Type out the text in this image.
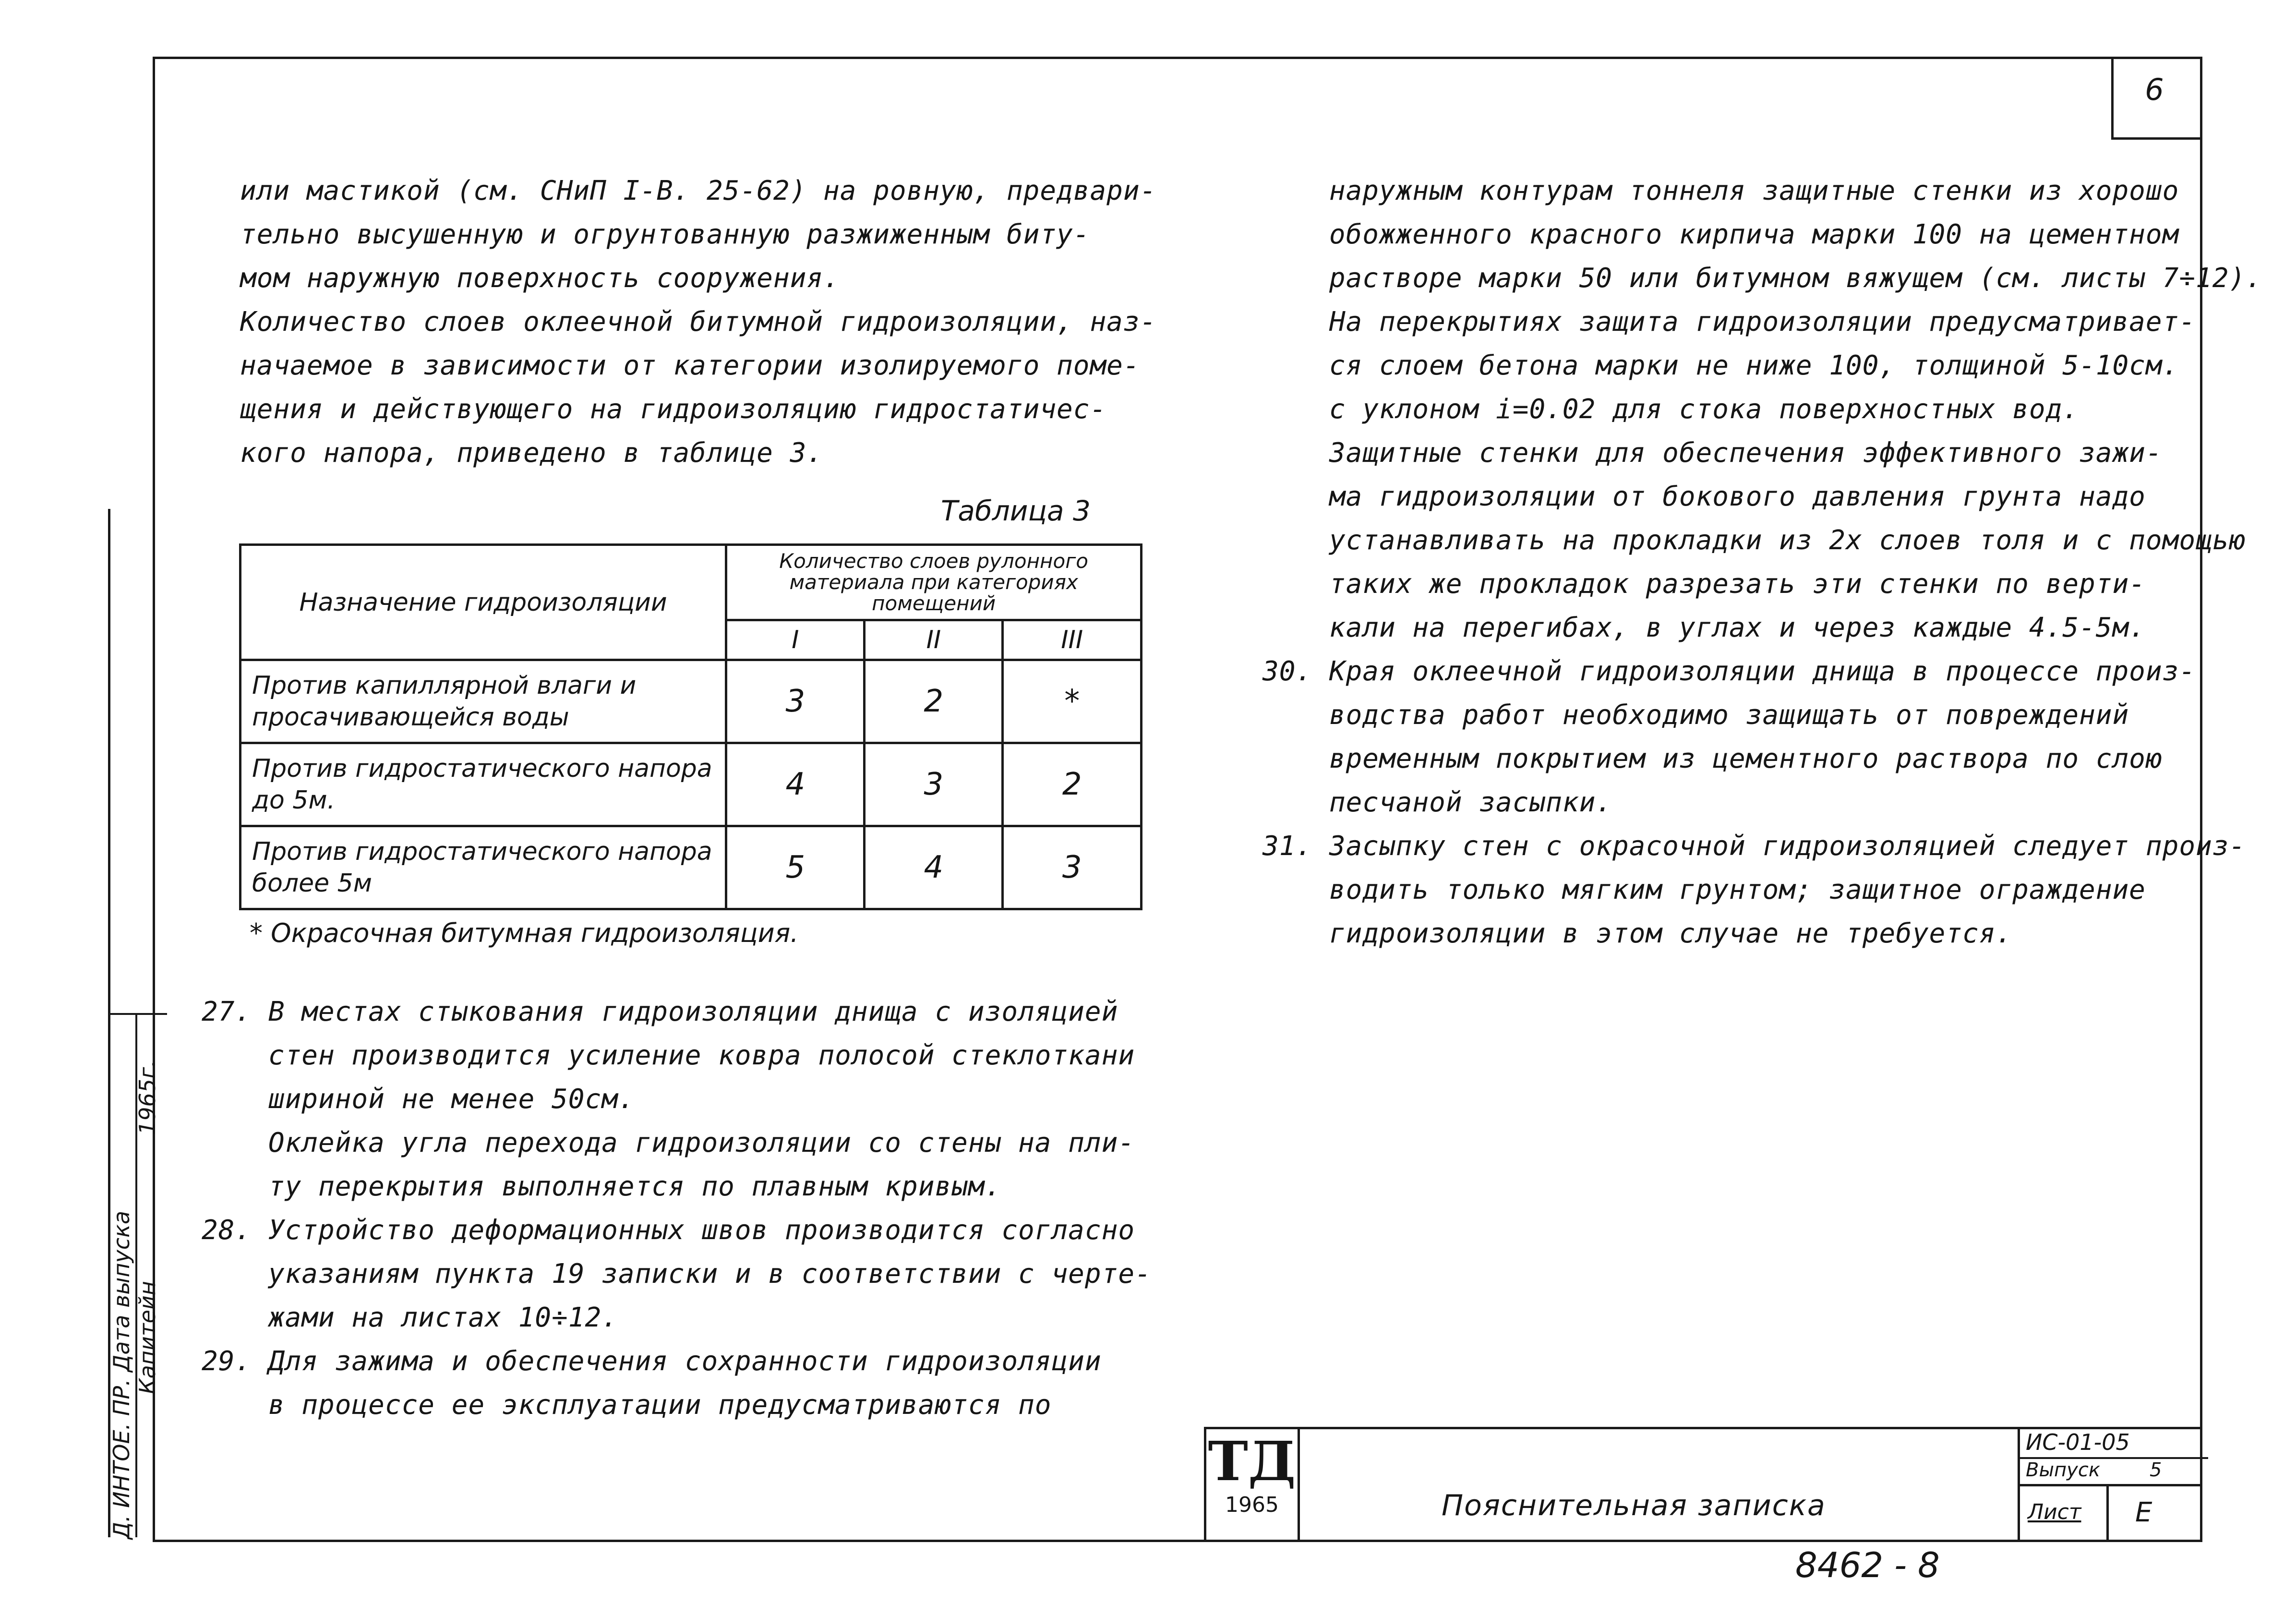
6
или мастикой (см. СНиП I-В. 25-62) на ровную, предвари-
тельно высушенную и огрунтованную разжиженным биту-
мом наружную поверхность сооружения.
Количество слоев оклеечной битумной гидроизоляции, наз-
начаемое в зависимости от категории изолируемого поме-
щения и действующего на гидроизоляцию гидростатичес-
кого напора, приведено в таблице 3.
Таблица 3
Назначение гидроизоляции	Количество слоев рулонного материала при категориях помещений		
	I	II	III
Против капиллярной влаги и просачивающейся воды	3	2	*
Против гидростатического напора до 5м.	4	3	2
Против гидростатического напора более 5м	5	4	3
* Окрасочная битумная гидроизоляция.
27. В местах стыкования гидроизоляции днища с изоляцией
стен производится усиление ковра полосой стеклоткани
шириной не менее 50см.
Оклейка угла перехода гидроизоляции со стены на пли-
ту перекрытия выполняется по плавным кривым.
28. Устройство деформационных швов производится согласно
указаниям пункта 19 записки и в соответствии с черте-
жами на листах 10÷12.
29. Для зажима и обеспечения сохранности гидроизоляции
в процессе ее эксплуатации предусматриваются по
наружным контурам тоннеля защитные стенки из хорошо
обожженного красного кирпича марки 100 на цементном
растворе марки 50 или битумном вяжущем (см. листы 7÷12).
На перекрытиях защита гидроизоляции предусматривает-
ся слоем бетона марки не ниже 100, толщиной 5-10см.
с уклоном i=0.02 для стока поверхностных вод.
Защитные стенки для обеспечения эффективного зажи-
ма гидроизоляции от бокового давления грунта надо
устанавливать на прокладки из 2х слоев толя и с помощью
таких же прокладок разрезать эти стенки по верти-
кали на перегибах, в углах и через каждые 4.5-5м.
30. Края оклеечной гидроизоляции днища в процессе произ-
водства работ необходимо защищать от повреждений
временным покрытием из цементного раствора по слою
песчаной засыпки.
31. Засыпку стен с окрасочной гидроизоляцией следует произ-
водить только мягким грунтом; защитное ограждение
гидроизоляции в этом случае не требуется.
ТД
1965	Пояснительная записка
ИС-01-05
Выпуск	5
Лист Е
8462 - 8
Д. ИНТОЕ. ПР. Дата выпуска Капитейн
1965г.
